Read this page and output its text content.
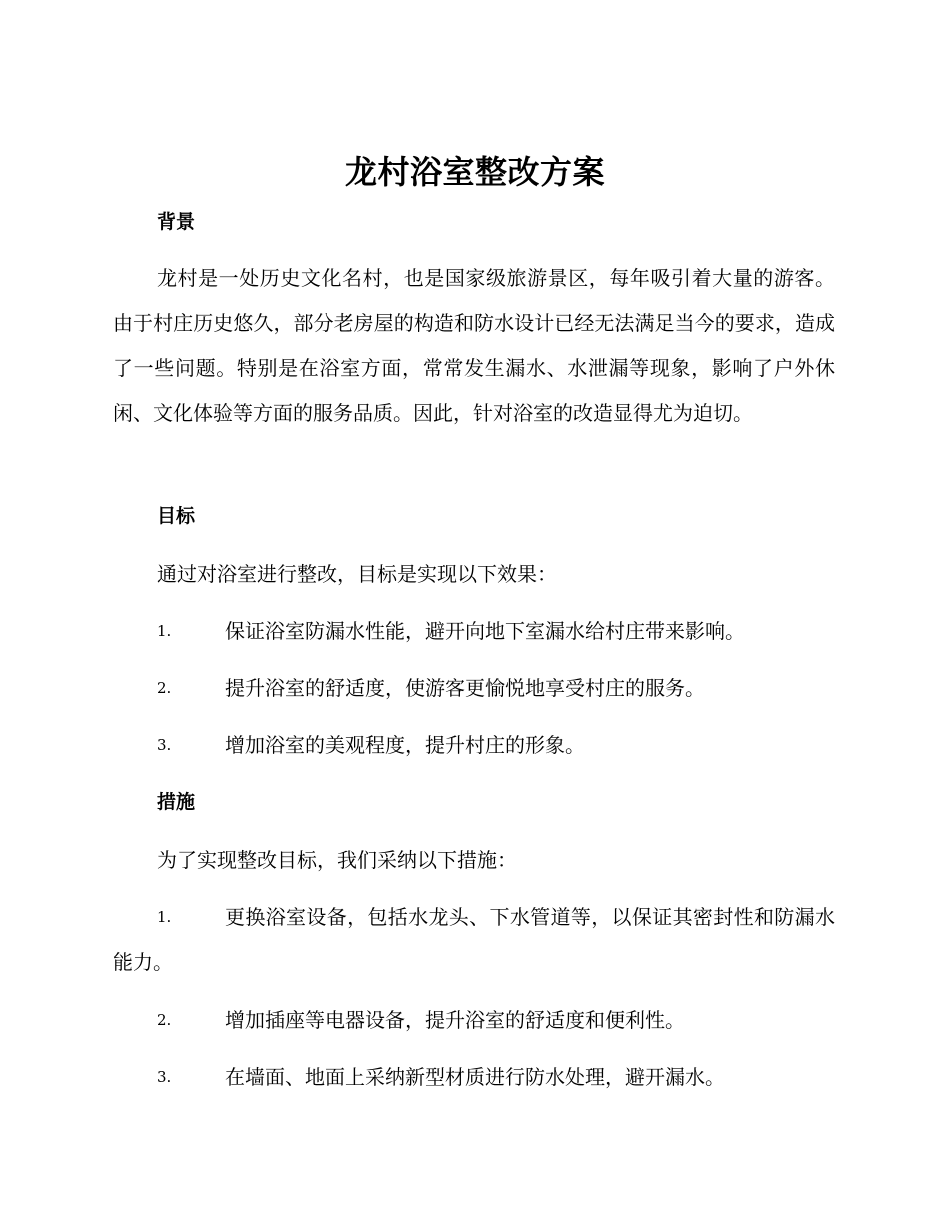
龙村浴室整改方案
背景
龙村是一处历史文化名村，也是国家级旅游景区，每年吸引着大量的游客。由于村庄历史悠久，部分老房屋的构造和防水设计已经无法满足当今的要求，造成了一些问题。特别是在浴室方面，常常发生漏水、水泄漏等现象，影响了户外休闲、文化体验等方面的服务品质。因此，针对浴室的改造显得尤为迫切。
目标
通过对浴室进行整改，目标是实现以下效果：
1.	保证浴室防漏水性能，避开向地下室漏水给村庄带来影响。
2.	提升浴室的舒适度，使游客更愉悦地享受村庄的服务。
3.	增加浴室的美观程度，提升村庄的形象。
措施
为了实现整改目标，我们采纳以下措施：
1.	更换浴室设备，包括水龙头、下水管道等，以保证其密封性和防漏水能力。
2.	增加插座等电器设备，提升浴室的舒适度和便利性。
3.	在墙面、地面上采纳新型材质进行防水处理，避开漏水。
